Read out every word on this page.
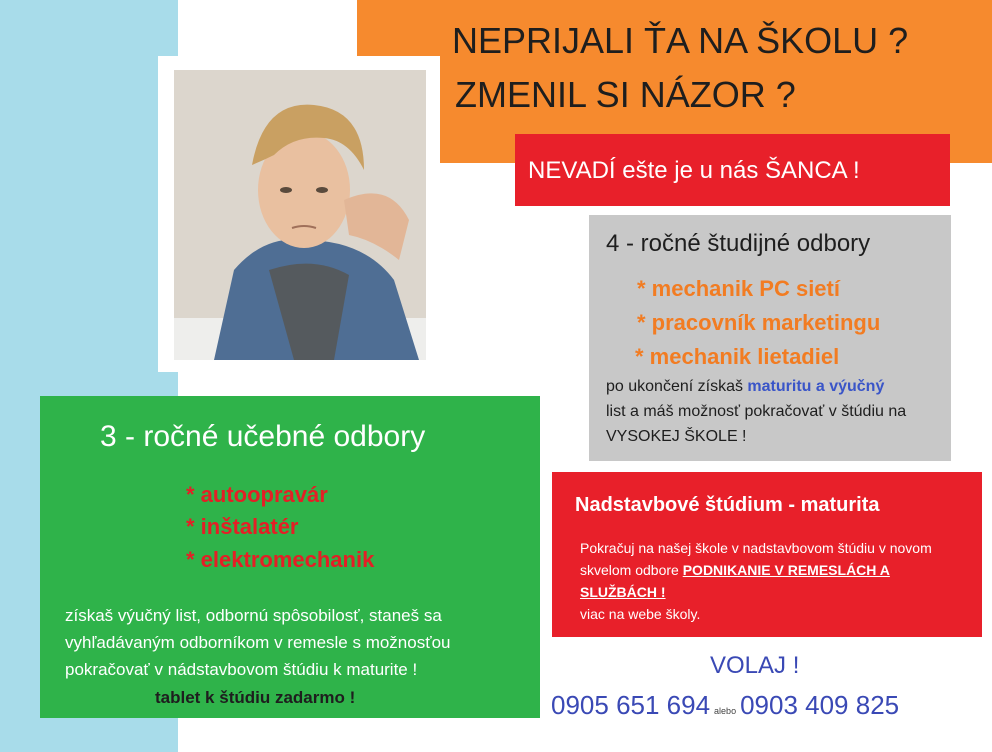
NEPRIJALI ŤA NA ŠKOLU ?
ZMENIL SI NÁZOR ?
NEVADÍ ešte je u nás ŠANCA !
4 - ročné študijné odbory
* mechanik PC sietí
* pracovník marketingu
* mechanik lietadiel
po ukončení získaš maturitu a výučný
list a máš možnosť pokračovať v štúdiu na VYSOKEJ ŠKOLE !
3 - ročné učebné odbory
* autoopravár
* inštalatér
* elektromechanik
získaš výučný list, odbornú spôsobilosť, staneš sa vyhľadávaným odborníkom v remesle s možnosťou pokračovať v nádstavbovom štúdiu k maturite !
tablet k štúdiu zadarmo !
Nadstavbové štúdium - maturita
Pokračuj na našej škole v nadstavbovom štúdiu v novom skvelom odbore PODNIKANIE V REMESLÁCH A SLUŽBÁCH !
viac na webe školy.
VOLAJ !
0905 651 694 alebo 0903 409 825
